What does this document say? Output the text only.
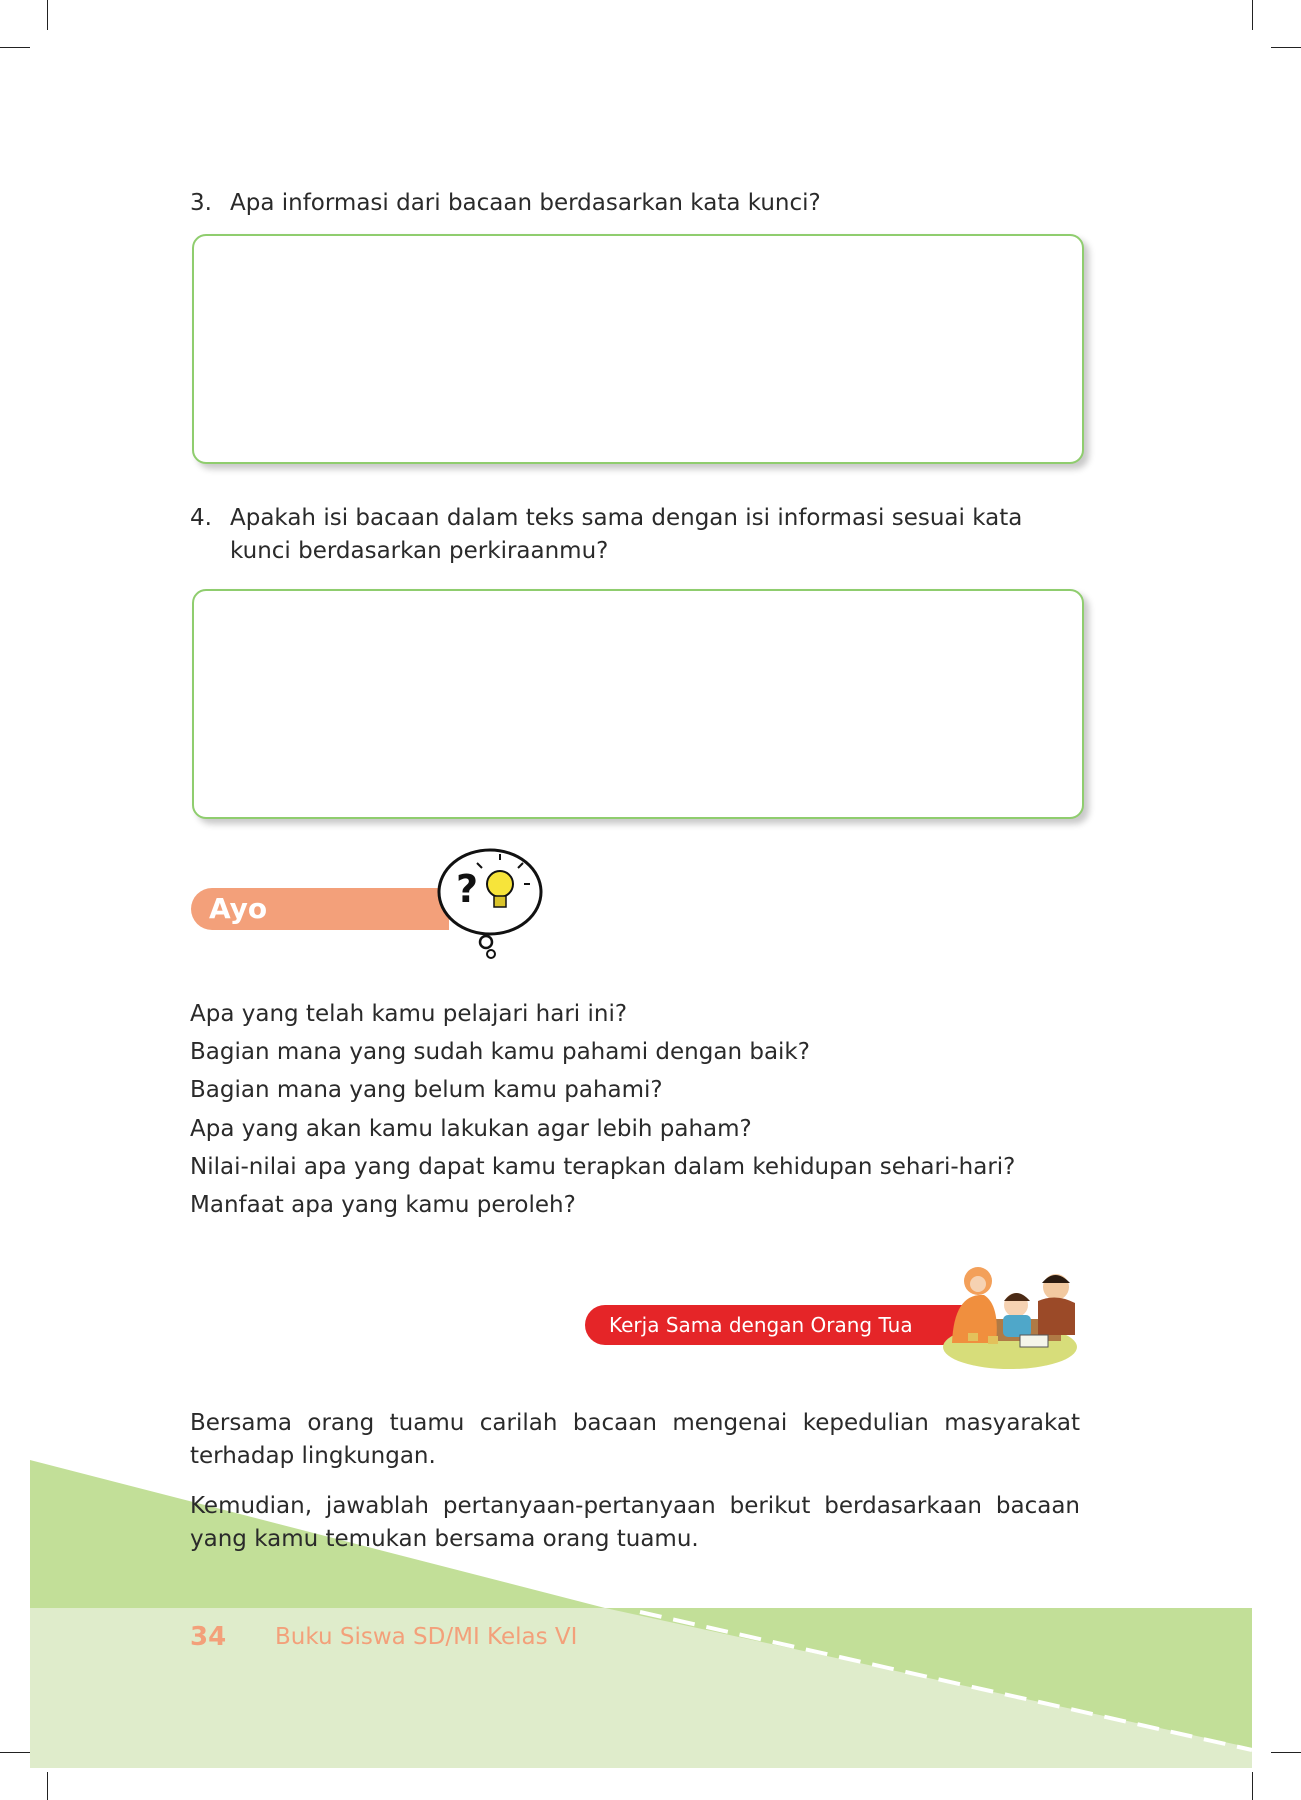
3. Apa informasi dari bacaan berdasarkan kata kunci?
4. Apakah isi bacaan dalam teks sama dengan isi informasi sesuai kata kunci berdasarkan perkiraanmu?
Ayo Renungkan
?
Apa yang telah kamu pelajari hari ini?
Bagian mana yang sudah kamu pahami dengan baik?
Bagian mana yang belum kamu pahami?
Apa yang akan kamu lakukan agar lebih paham?
Nilai-nilai apa yang dapat kamu terapkan dalam kehidupan sehari-hari?
Manfaat apa yang kamu peroleh?
Kerja Sama dengan Orang Tua

Bersama orang tuamu carilah bacaan mengenai kepedulian masyarakat terhadap lingkungan.

Kemudian, jawablah pertanyaan-pertanyaan berikut berdasarkaan bacaan yang kamu temukan bersama orang tuamu.

34 Buku Siswa SD/MI Kelas VI
